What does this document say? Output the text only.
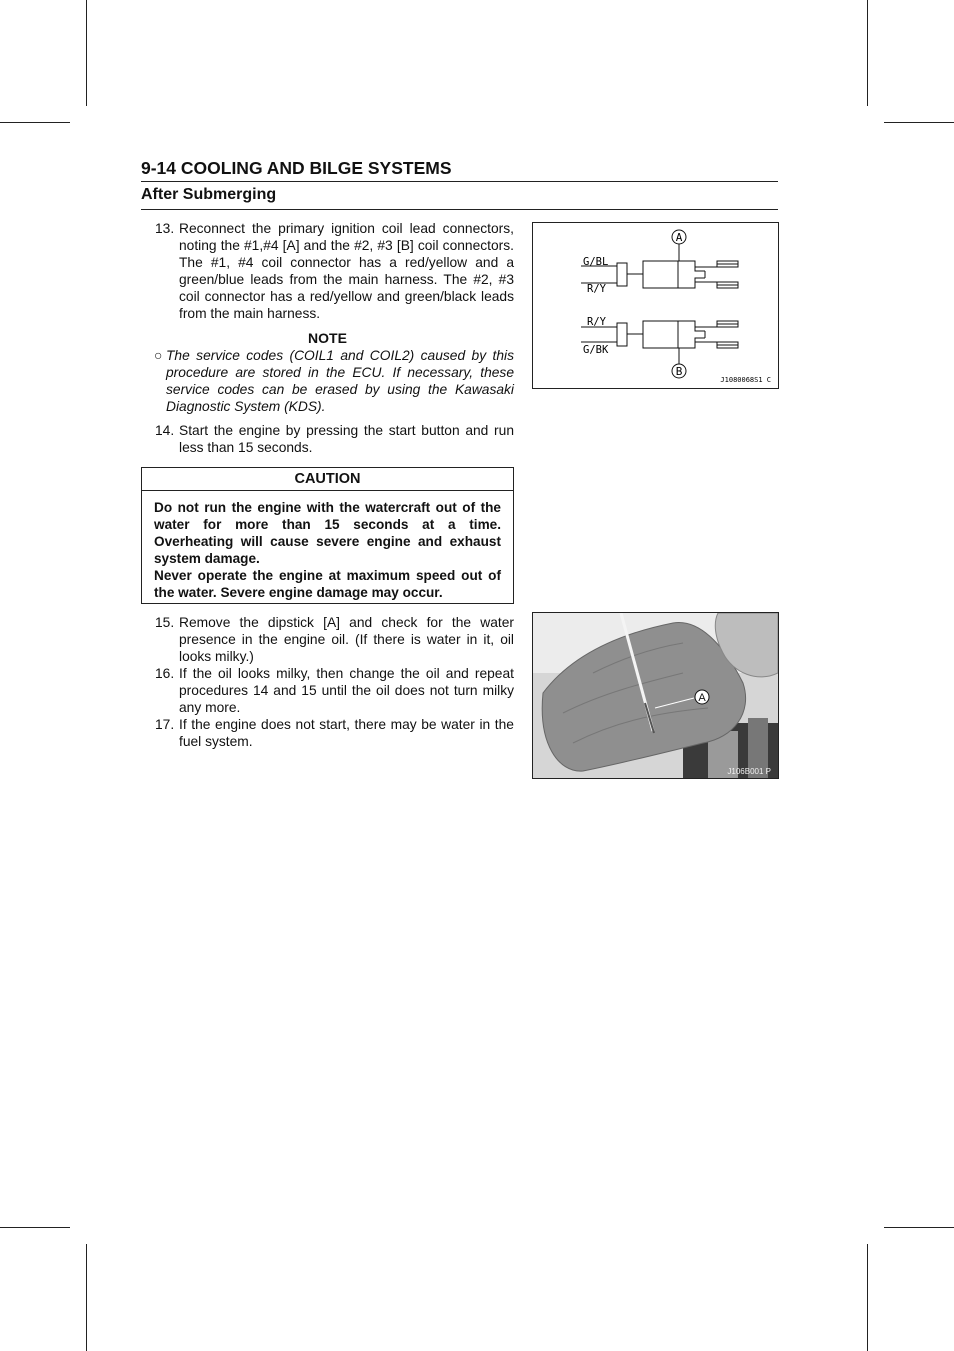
9-14 COOLING AND BILGE SYSTEMS
After Submerging
13. Reconnect the primary ignition coil lead connectors, noting the #1,#4 [A] and the #2, #3 [B] coil connectors. The #1, #4 coil connector has a red/yellow and a green/blue leads from the main harness. The #2, #3 coil connector has a red/yellow and green/black leads from the main harness.
NOTE
○ The service codes (COIL1 and COIL2) caused by this procedure are stored in the ECU. If necessary, these service codes can be erased by using the Kawasaki Diagnostic System (KDS).
14. Start the engine by pressing the start button and run less than 15 seconds.
CAUTION
Do not run the engine with the watercraft out of the water for more than 15 seconds at a time. Overheating will cause severe engine and exhaust system damage.
Never operate the engine at maximum speed out of the water. Severe engine damage may occur.
15. Remove the dipstick [A] and check for the water presence in the engine oil. (If there is water in it, oil looks milky.)
16. If the oil looks milky, then change the oil and repeat procedures 14 and 15 until the oil does not turn milky any more.
17. If the engine does not start, there may be water in the fuel system.
A
G/BL
R/Y
R/Y
G/BK
B
J1080068S1 C
A
J106B001 P
